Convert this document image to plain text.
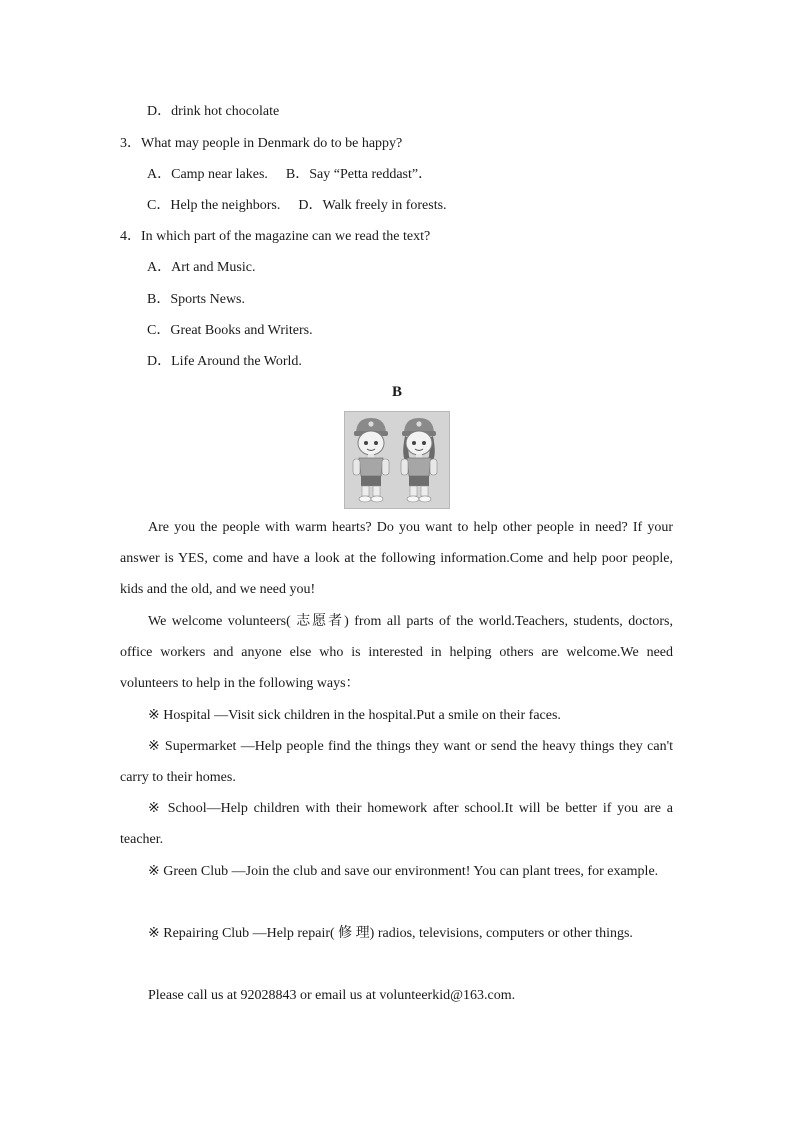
D．drink hot chocolate
3．What may people in Denmark do to be happy?
A．Camp near lakes. B．Say “Petta reddast”．
C．Help the neighbors. D．Walk freely in forests.
4．In which part of the magazine can we read the text?
A．Art and Music.
B．Sports News.
C．Great Books and Writers.
D．Life Around the World.
B
Are you the people with warm hearts? Do you want to help other people in need? If your answer is YES, come and have a look at the following information.Come and help poor people, kids and the old, and we need you!
We welcome volunteers( 志愿者) from all parts of the world.Teachers, students, doctors, office workers and anyone else who is interested in helping others are welcome.We need volunteers to help in the following ways：
※ Hospital —Visit sick children in the hospital.Put a smile on their faces.
※ Supermarket —Help people find the things they want or send the heavy things they can't carry to their homes.
※ School—Help children with their homework after school.It will be better if you are a teacher.
※ Green Club —Join the club and save our environment! You can plant trees, for example.
※ Repairing Club —Help repair( 修 理) radios, televisions, computers or other things.
Please call us at 92028843 or email us at volunteerkid@163.com.
